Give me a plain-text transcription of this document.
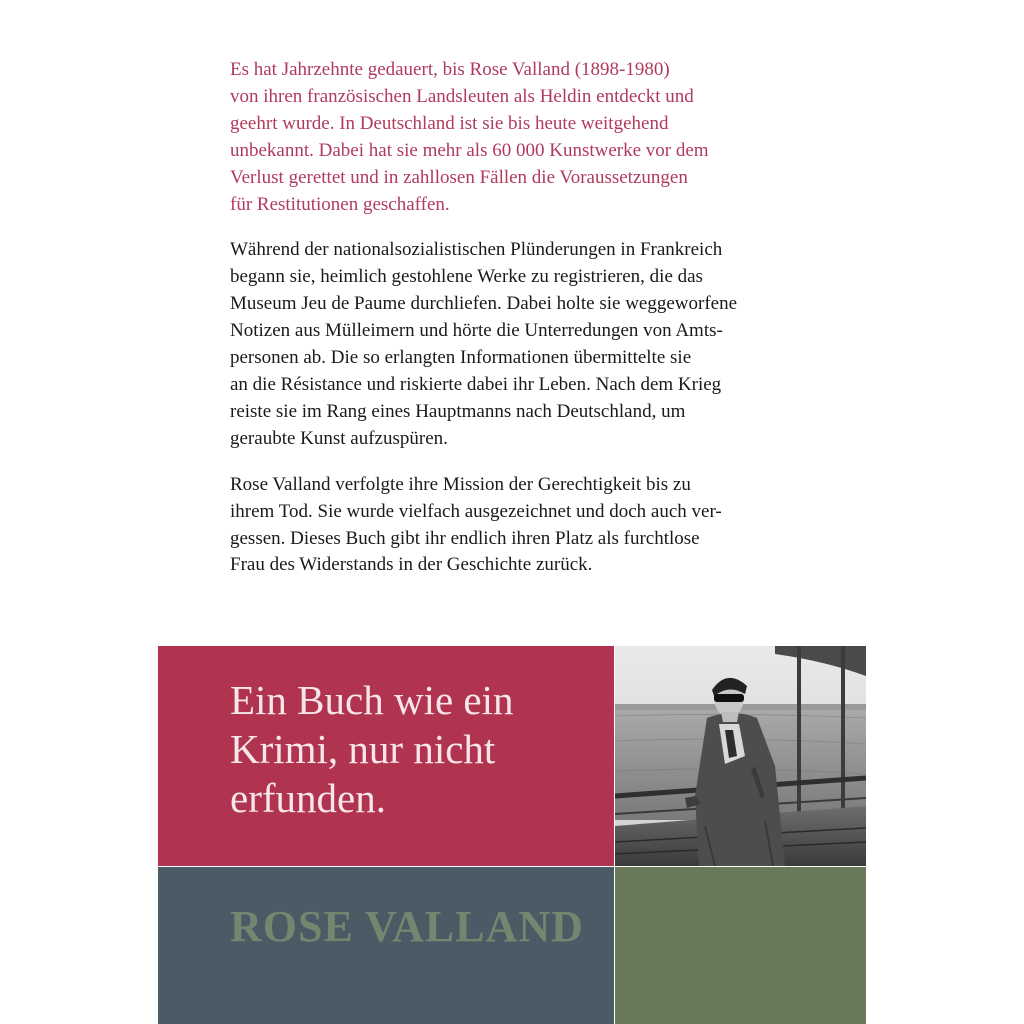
Es hat Jahrzehnte gedauert, bis Rose Valland (1898-1980)
von ihren französischen Landsleuten als Heldin entdeckt und
geehrt wurde. In Deutschland ist sie bis heute weitgehend
unbekannt. Dabei hat sie mehr als 60 000 Kunstwerke vor dem
Verlust gerettet und in zahllosen Fällen die Voraussetzungen
für Restitutionen geschaffen.

Während der nationalsozialistischen Plünderungen in Frankreich
begann sie, heimlich gestohlene Werke zu registrieren, die das
Museum Jeu de Paume durchliefen. Dabei holte sie weggeworfene
Notizen aus Mülleimern und hörte die Unterredungen von Amts-
personen ab. Die so erlangten Informationen übermittelte sie
an die Résistance und riskierte dabei ihr Leben. Nach dem Krieg
reiste sie im Rang eines Hauptmanns nach Deutschland, um
geraubte Kunst aufzuspüren.

Rose Valland verfolgte ihre Mission der Gerechtigkeit bis zu
ihrem Tod. Sie wurde vielfach ausgezeichnet und doch auch ver-
gessen. Dieses Buch gibt ihr endlich ihren Platz als furchtlose
Frau des Widerstands in der Geschichte zurück.

Ein Buch wie ein
Krimi, nur nicht
erfunden.
ROSE VALLAND
